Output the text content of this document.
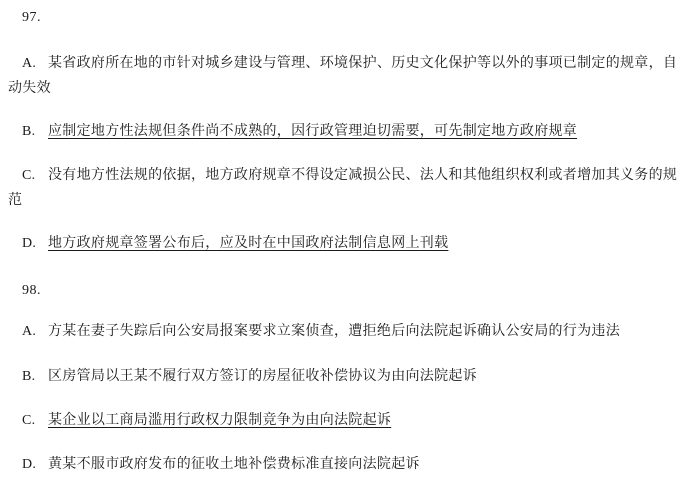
97.
A. 某省政府所在地的市针对城乡建设与管理、环境保护、历史文化保护等以外的事项已制定的规章，自动失效
B. 应制定地方性法规但条件尚不成熟的，因行政管理迫切需要，可先制定地方政府规章
C. 没有地方性法规的依据，地方政府规章不得设定减损公民、法人和其他组织权利或者增加其义务的规范
D. 地方政府规章签署公布后，应及时在中国政府法制信息网上刊载
98.
A. 方某在妻子失踪后向公安局报案要求立案侦查，遭拒绝后向法院起诉确认公安局的行为违法
B. 区房管局以王某不履行双方签订的房屋征收补偿协议为由向法院起诉
C. 某企业以工商局滥用行政权力限制竞争为由向法院起诉
D. 黄某不服市政府发布的征收土地补偿费标准直接向法院起诉
